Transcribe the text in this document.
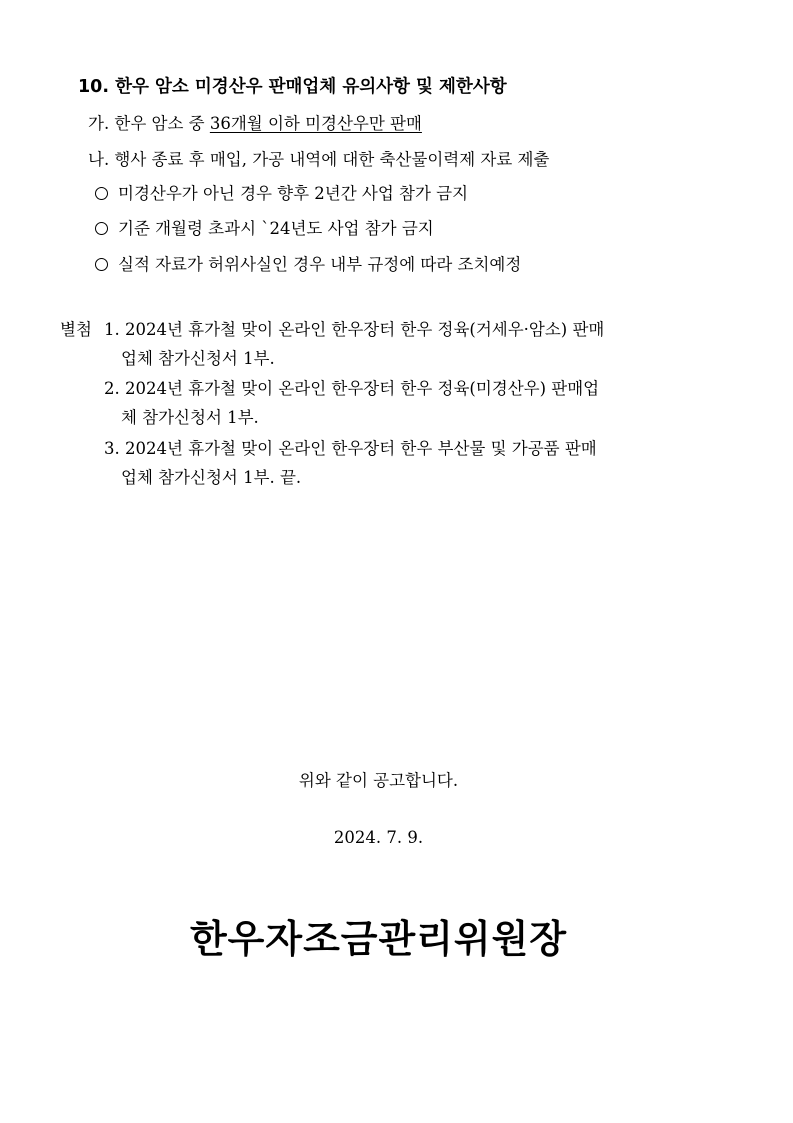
10. 한우 암소 미경산우 판매업체 유의사항 및 제한사항
가. 한우 암소 중 36개월 이하 미경산우만 판매
나. 행사 종료 후 매입, 가공 내역에 대한 축산물이력제 자료 제출
미경산우가 아닌 경우 향후 2년간 사업 참가 금지
기준 개월령 초과시 `24년도 사업 참가 금지
실적 자료가 허위사실인 경우 내부 규정에 따라 조치예정
별첨 1. 2024년 휴가철 맞이 온라인 한우장터 한우 정육(거세우·암소) 판매
업체 참가신청서 1부.
2. 2024년 휴가철 맞이 온라인 한우장터 한우 정육(미경산우) 판매업
체 참가신청서 1부.
3. 2024년 휴가철 맞이 온라인 한우장터 한우 부산물 및 가공품 판매
업체 참가신청서 1부. 끝.
위와 같이 공고합니다.
2024. 7. 9.
한우자조금관리위원장
